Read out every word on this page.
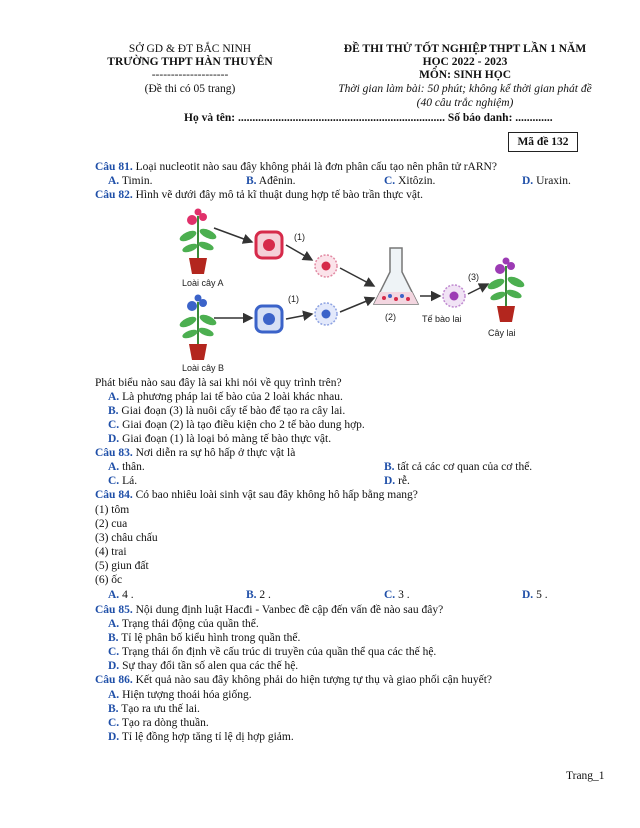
SỞ GD & ĐT BẮC NINH
TRƯỜNG THPT HÀN THUYÊN
--------------------
(Đề thi có 05 trang)
ĐỀ THI THỬ TỐT NGHIỆP THPT LẦN 1 NĂM
HỌC 2022 - 2023
MÔN: SINH HỌC
Thời gian làm bài: 50 phút; không kể thời gian phát đề
(40 câu trắc nghiệm)
Họ và tên: ........................................................................ Số báo danh: .............
Mã đề 132
Câu 81. Loại nucleotit nào sau đây không phải là đơn phân cấu tạo nên phân tử rARN?
A. Timin.	B. Ađênin.	C. Xitôzin.	D. Uraxin.
Câu 82. Hình vẽ dưới đây mô tả kĩ thuật dung hợp tế bào trần thực vật.
Loài cây A
Loài cây B
(1)
(1)
(2)	Tế bào lai
(3)
Cây lai
Phát biểu nào sau đây là sai khi nói về quy trình trên?
A. Là phương pháp lai tế bào của 2 loài khác nhau.
B. Giai đoạn (3) là nuôi cấy tế bào để tạo ra cây lai.
C. Giai đoạn (2) là tạo điều kiện cho 2 tế bào dung hợp.
D. Giai đoạn (1) là loại bỏ màng tế bào thực vật.
Câu 83. Nơi diễn ra sự hô hấp ở thực vật là
A. thân.	B. tất cả các cơ quan của cơ thể.
C. Lá.	D. rễ.
Câu 84. Có bao nhiêu loài sinh vật sau đây không hô hấp bằng mang?
(1) tôm
(2) cua
(3) châu chấu
(4) trai
(5) giun đất
(6) ốc
A. 4 .	B. 2 .	C. 3 .	D. 5 .
Câu 85. Nội dung định luật Hacđi - Vanbec đề cập đến vấn đề nào sau đây?
A. Trạng thái động của quần thể.
B. Tỉ lệ phân bố kiểu hình trong quần thể.
C. Trạng thái ổn định về cấu trúc di truyền của quần thể qua các thế hệ.
D. Sự thay đổi tần số alen qua các thế hệ.
Câu 86. Kết quả nào sau đây không phải do hiện tượng tự thụ và giao phối cận huyết?
A. Hiện tượng thoái hóa giống.
B. Tạo ra ưu thế lai.
C. Tạo ra dòng thuần.
D. Tỉ lệ đồng hợp tăng tỉ lệ dị hợp giảm.
Trang_1
